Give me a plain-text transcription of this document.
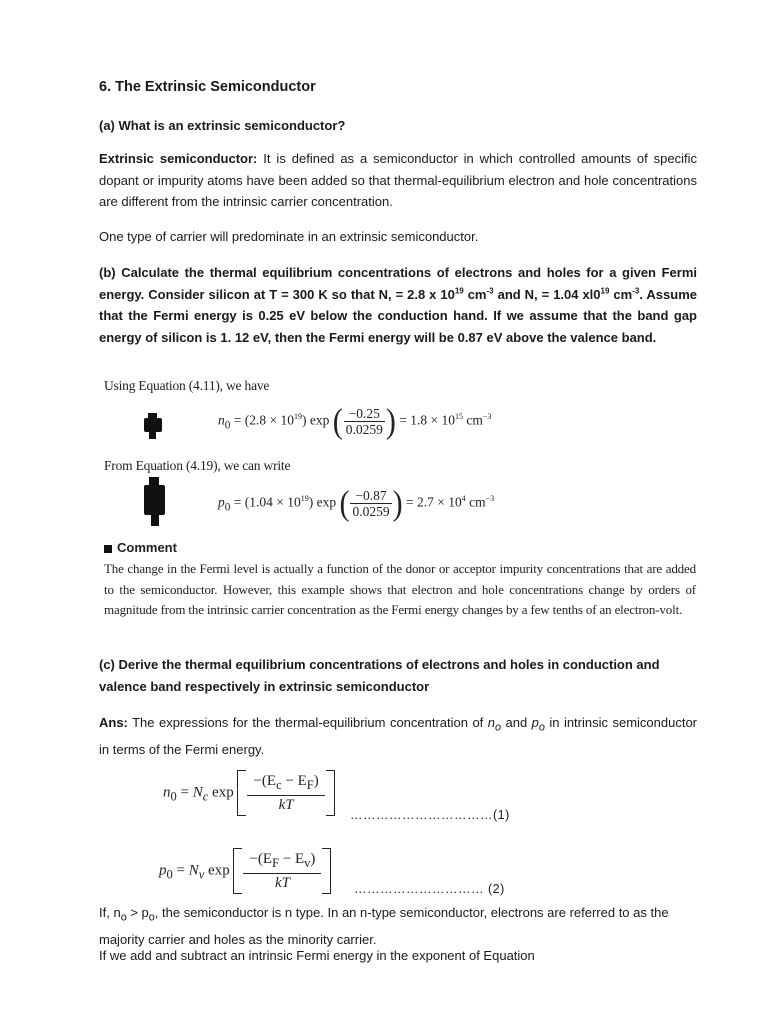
6. The Extrinsic Semiconductor
(a) What is an extrinsic semiconductor?
Extrinsic semiconductor: It is defined as a semiconductor in which controlled amounts of specific dopant or impurity atoms have been added so that thermal-equilibrium electron and hole concentrations are different from the intrinsic carrier concentration.
One type of carrier will predominate in an extrinsic semiconductor.
(b) Calculate the thermal equilibrium concentrations of electrons and holes for a given Fermi energy. Consider silicon at T = 300 K so that N, = 2.8 x $10^{19}$ $cm^{-3}$ and N, = 1.04 $xl0^{19}$ $cm^{-3}$. Assume that the Fermi energy is 0.25 eV below the conduction hand. If we assume that the band gap energy of silicon is 1. 12 eV, then the Fermi energy will be 0.87 eV above the valence band.
Using Equation (4.11), we have
$n_0 = (2.8 \times 10^{19})$ exp ( $\frac{-0.25}{0.0259}$ ) = $1.8 \times 10^{15}$ $cm^{-3}$
From Equation (4.19), we can write
$p_0 = (1.04 \times 10^{19})$ exp ( $\frac{-0.87}{0.0259}$ ) = $2.7 \times 10^4$ $cm^{-3}$
Comment
The change in the Fermi level is actually a function of the donor or acceptor impurity concentrations that are added to the semiconductor. However, this example shows that electron and hole concentrations change by orders of magnitude from the intrinsic carrier concentration as the Fermi energy changes by a few tenths of an electron-volt.
(c) Derive the thermal equilibrium concentrations of electrons and holes in conduction and valence band respectively in extrinsic semiconductor
Ans: The expressions for the thermal-equilibrium concentration of $n_o$ and $p_o$ in intrinsic semiconductor in terms of the Fermi energy.
$n_0 = N_c$ $\exp \frac{-(E_c - E_F)}{kT}$
……………………………(1)
$p_0 = N_v$ $\exp \frac{-(E_F - E_v)}{kT}$	………………………… (2)
If, $n_o > p_o$, the semiconductor is n type. In an n-type semiconductor, electrons are referred to as the majority carrier and holes as the minority carrier.
If we add and subtract an intrinsic Fermi energy in the exponent of Equation
